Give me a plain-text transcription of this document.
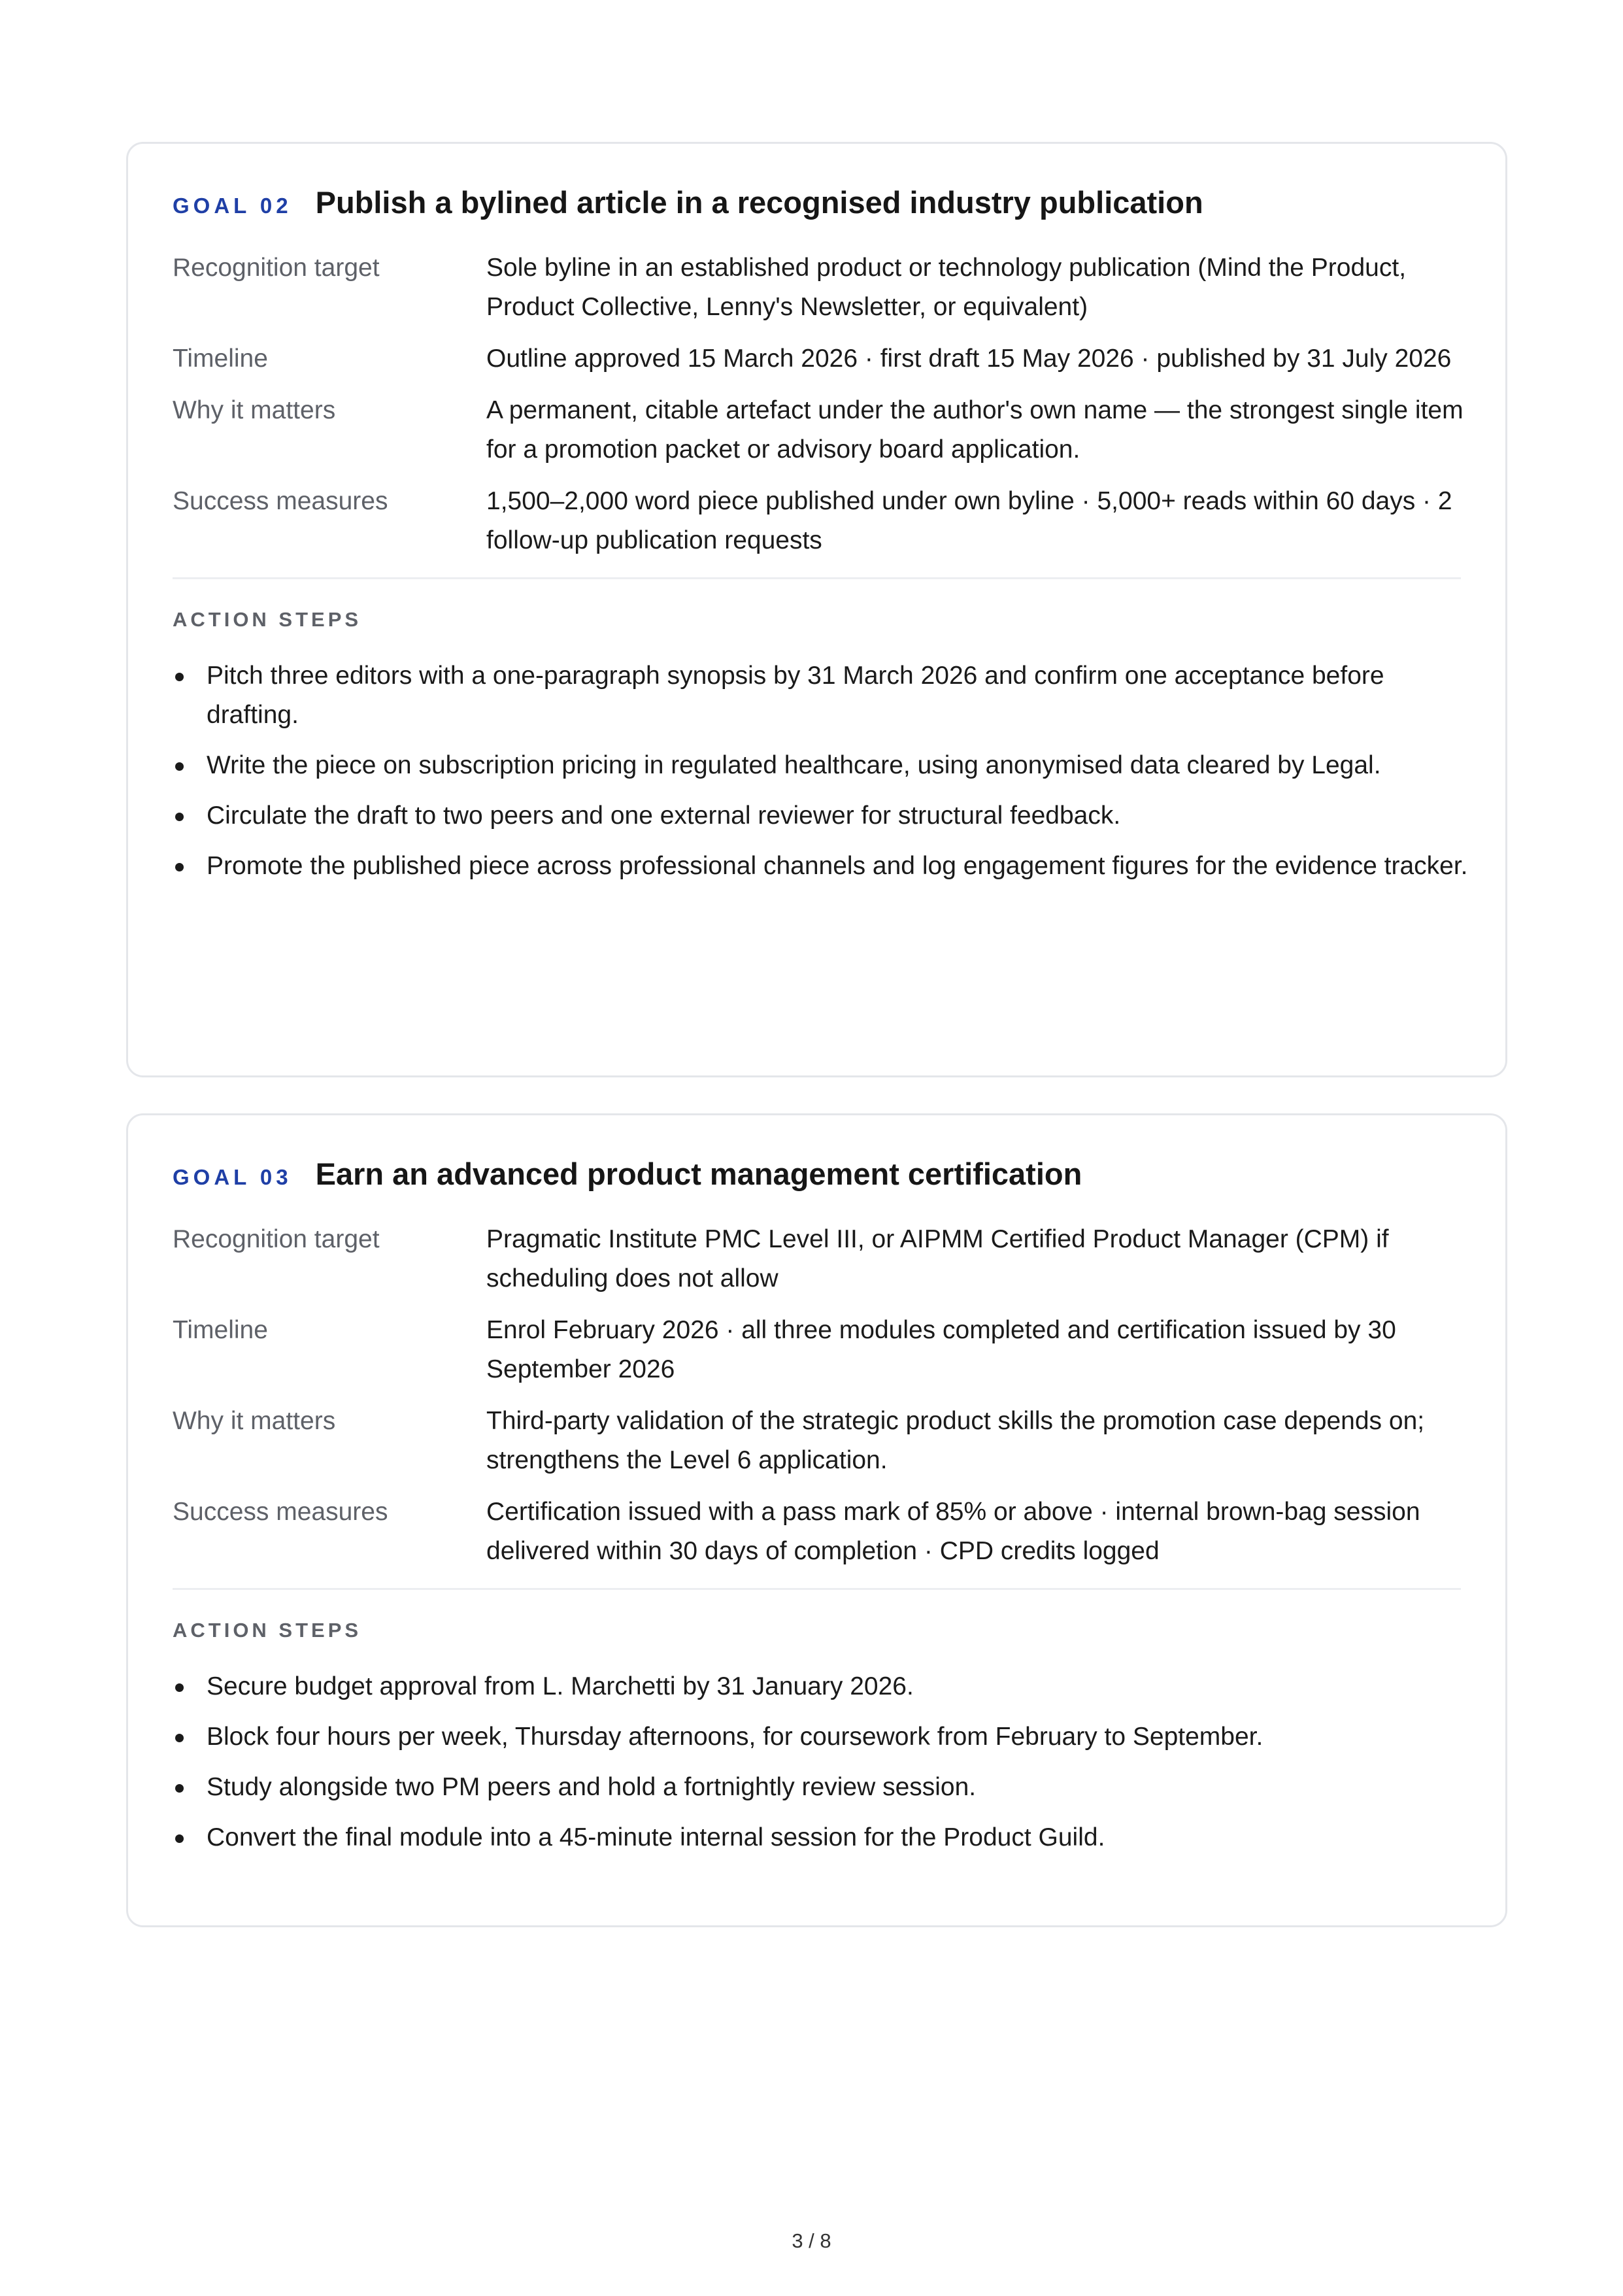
GOAL 02 Publish a bylined article in a recognised industry publication
Recognition target	Sole byline in an established product or technology publication (Mind the Product, Product Collective, Lenny's Newsletter, or equivalent)
Timeline	Outline approved 15 March 2026 · first draft 15 May 2026 · published by 31 July 2026
Why it matters	A permanent, citable artefact under the author's own name — the strongest single item for a promotion packet or advisory board application.
Success measures	1,500–2,000 word piece published under own byline · 5,000+ reads within 60 days · 2 follow-up publication requests
ACTION STEPS
Pitch three editors with a one-paragraph synopsis by 31 March 2026 and confirm one acceptance before drafting.
Write the piece on subscription pricing in regulated healthcare, using anonymised data cleared by Legal.
Circulate the draft to two peers and one external reviewer for structural feedback.
Promote the published piece across professional channels and log engagement figures for the evidence tracker.
GOAL 03 Earn an advanced product management certification
Recognition target	Pragmatic Institute PMC Level III, or AIPMM Certified Product Manager (CPM) if scheduling does not allow
Timeline	Enrol February 2026 · all three modules completed and certification issued by 30 September 2026
Why it matters	Third-party validation of the strategic product skills the promotion case depends on; strengthens the Level 6 application.
Success measures	Certification issued with a pass mark of 85% or above · internal brown-bag session delivered within 30 days of completion · CPD credits logged
ACTION STEPS
Secure budget approval from L. Marchetti by 31 January 2026.
Block four hours per week, Thursday afternoons, for coursework from February to September.
Study alongside two PM peers and hold a fortnightly review session.
Convert the final module into a 45-minute internal session for the Product Guild.
3 / 8
